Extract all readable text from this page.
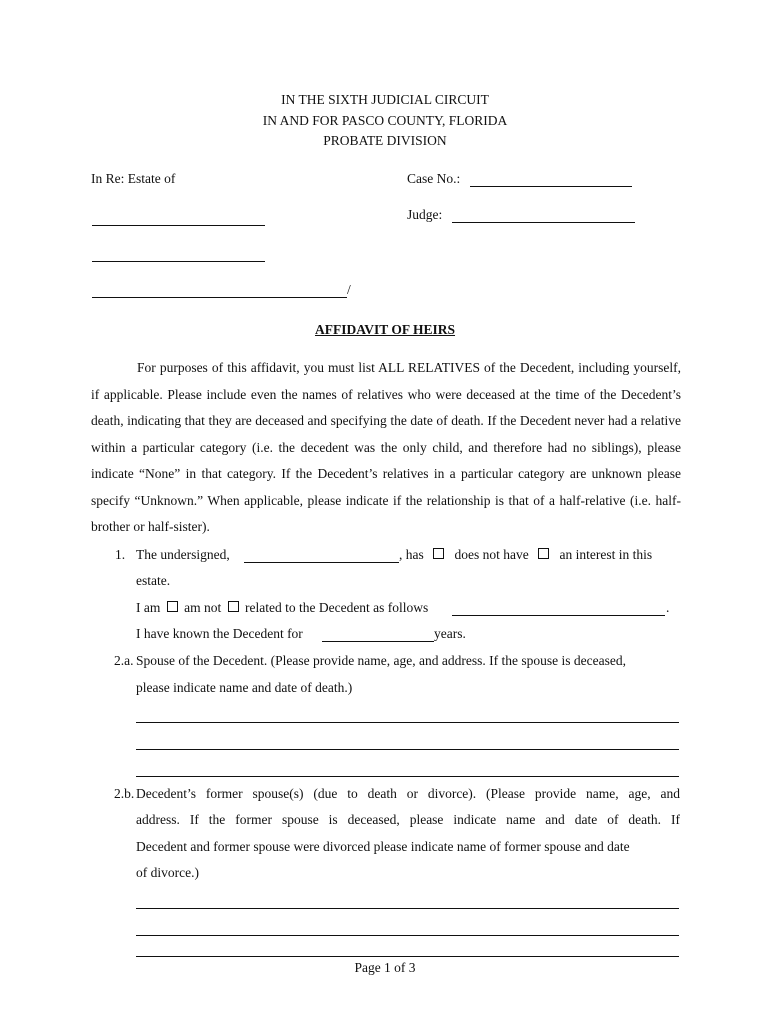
IN THE SIXTH JUDICIAL CIRCUIT
IN AND FOR PASCO COUNTY, FLORIDA
PROBATE DIVISION
In Re: Estate of	Case No.:
Judge:
/
AFFIDAVIT OF HEIRS
For purposes of this affidavit, you must list ALL RELATIVES of the Decedent, including yourself, if applicable. Please include even the names of relatives who were deceased at the time of the Decedent’s death, indicating that they are deceased and specifying the date of death. If the Decedent never had a relative within a particular category (i.e. the decedent was the only child, and therefore had no siblings), please indicate “None” in that category. If the Decedent’s relatives in a particular category are unknown please specify “Unknown.” When applicable, please indicate if the relationship is that of a half-relative (i.e. half-brother or half-sister).
1. The undersigned,	, has does not have an interest in this
estate.
I am am not related to the Decedent as follows	.
I have known the Decedent for	years.
2.a. Spouse of the Decedent. (Please provide name, age, and address. If the spouse is deceased,
please indicate name and date of death.)
2.b. Decedent’s former spouse(s) (due to death or divorce). (Please provide name, age, and
address. If the former spouse is deceased, please indicate name and date of death. If
Decedent and former spouse were divorced please indicate name of former spouse and date
of divorce.)
Page 1 of 3
